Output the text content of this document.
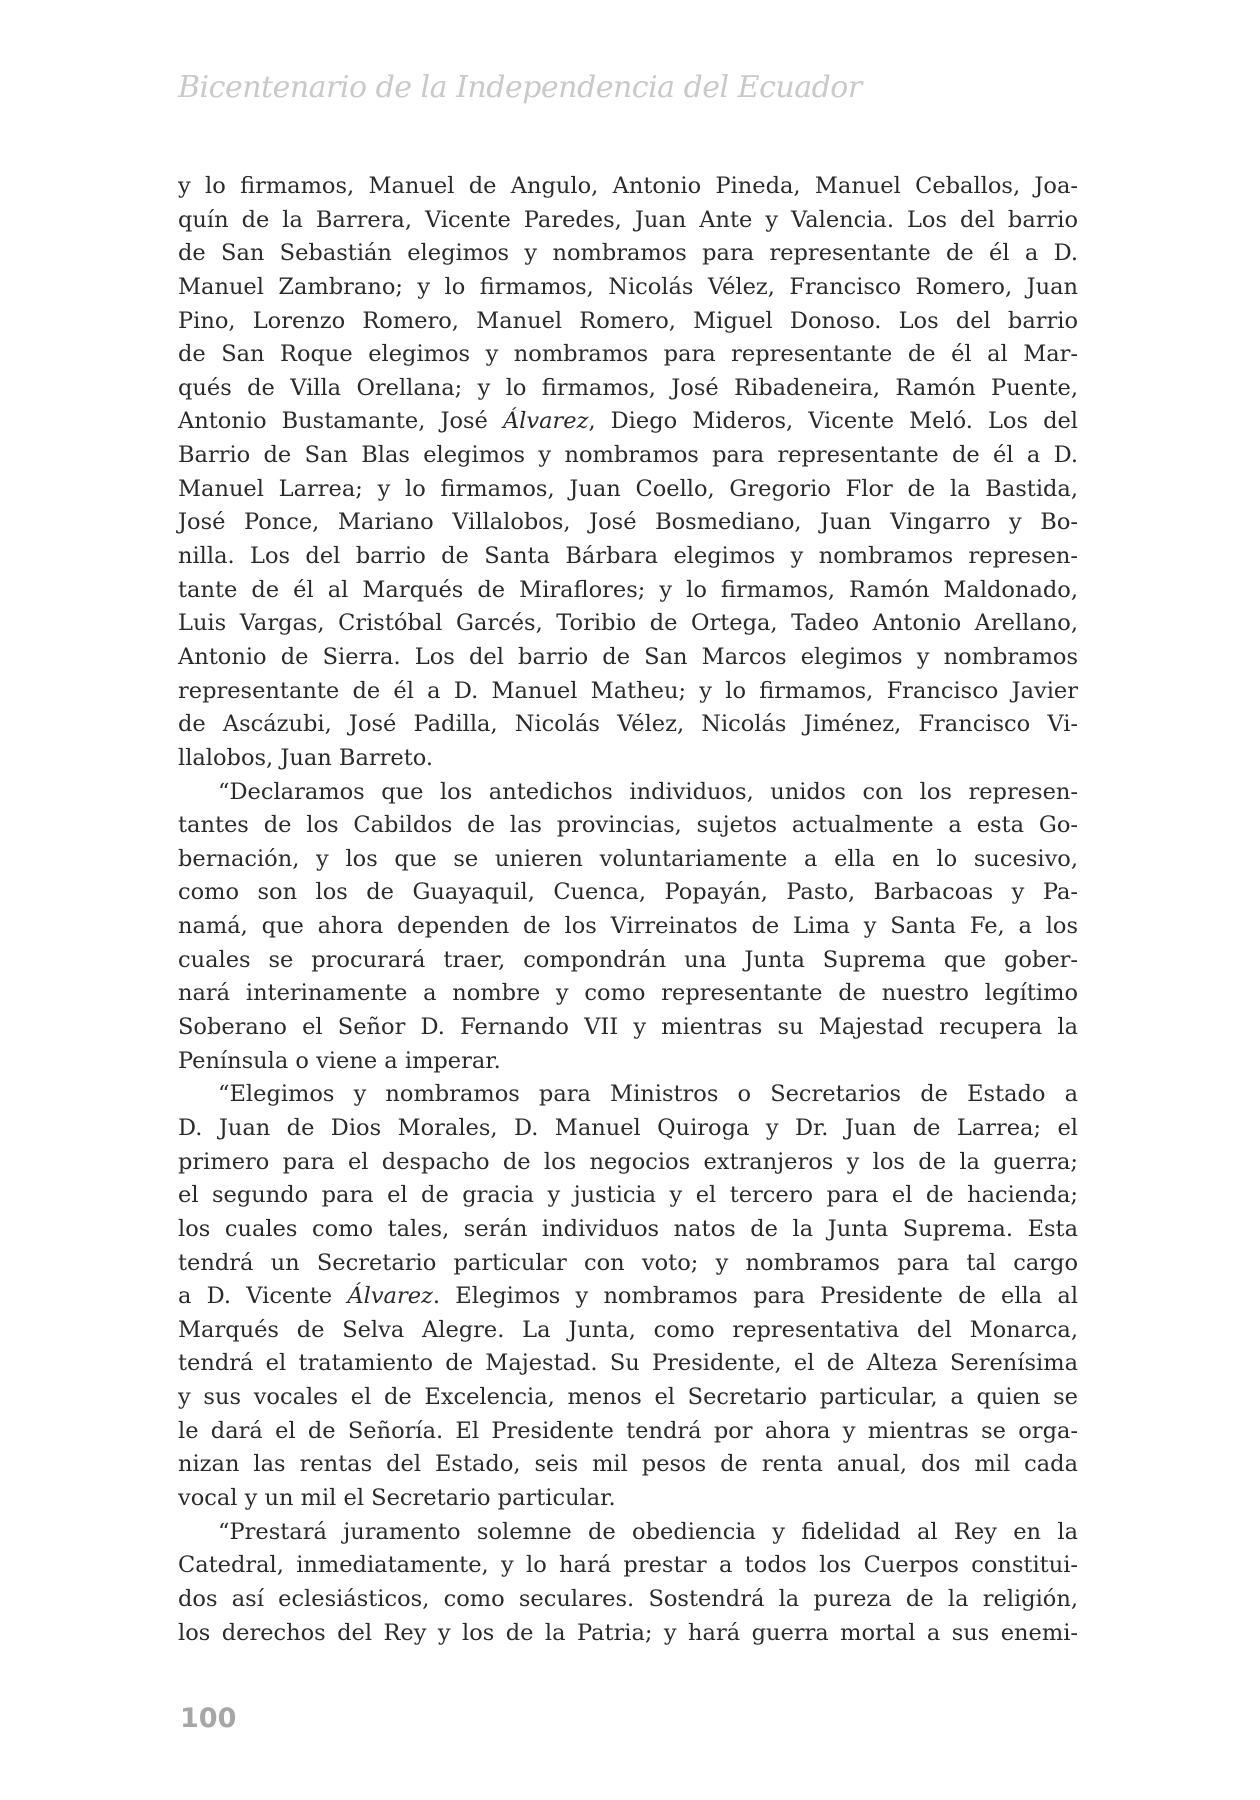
Bicentenario de la Independencia del Ecuador
y lo firmamos, Manuel de Angulo, Antonio Pineda, Manuel Ceballos, Joa-
quín de la Barrera, Vicente Paredes, Juan Ante y Valencia. Los del barrio
de San Sebastián elegimos y nombramos para representante de él a D.
Manuel Zambrano; y lo firmamos, Nicolás Vélez, Francisco Romero, Juan
Pino, Lorenzo Romero, Manuel Romero, Miguel Donoso. Los del barrio
de San Roque elegimos y nombramos para representante de él al Mar-
qués de Villa Orellana; y lo firmamos, José Ribadeneira, Ramón Puente,
Antonio Bustamante, José Álvarez, Diego Mideros, Vicente Meló. Los del
Barrio de San Blas elegimos y nombramos para representante de él a D.
Manuel Larrea; y lo firmamos, Juan Coello, Gregorio Flor de la Bastida,
José Ponce, Mariano Villalobos, José Bosmediano, Juan Vingarro y Bo-
nilla. Los del barrio de Santa Bárbara elegimos y nombramos represen-
tante de él al Marqués de Miraflores; y lo firmamos, Ramón Maldonado,
Luis Vargas, Cristóbal Garcés, Toribio de Ortega, Tadeo Antonio Arellano,
Antonio de Sierra. Los del barrio de San Marcos elegimos y nombramos
representante de él a D. Manuel Matheu; y lo firmamos, Francisco Javier
de Ascázubi, José Padilla, Nicolás Vélez, Nicolás Jiménez, Francisco Vi-
llalobos, Juan Barreto.
“Declaramos que los antedichos individuos, unidos con los represen-
tantes de los Cabildos de las provincias, sujetos actualmente a esta Go-
bernación, y los que se unieren voluntariamente a ella en lo sucesivo,
como son los de Guayaquil, Cuenca, Popayán, Pasto, Barbacoas y Pa-
namá, que ahora dependen de los Virreinatos de Lima y Santa Fe, a los
cuales se procurará traer, compondrán una Junta Suprema que gober-
nará interinamente a nombre y como representante de nuestro legítimo
Soberano el Señor D. Fernando VII y mientras su Majestad recupera la
Península o viene a imperar.
“Elegimos y nombramos para Ministros o Secretarios de Estado a
D. Juan de Dios Morales, D. Manuel Quiroga y Dr. Juan de Larrea; el
primero para el despacho de los negocios extranjeros y los de la guerra;
el segundo para el de gracia y justicia y el tercero para el de hacienda;
los cuales como tales, serán individuos natos de la Junta Suprema. Esta
tendrá un Secretario particular con voto; y nombramos para tal cargo
a D. Vicente Álvarez. Elegimos y nombramos para Presidente de ella al
Marqués de Selva Alegre. La Junta, como representativa del Monarca,
tendrá el tratamiento de Majestad. Su Presidente, el de Alteza Serenísima
y sus vocales el de Excelencia, menos el Secretario particular, a quien se
le dará el de Señoría. El Presidente tendrá por ahora y mientras se orga-
nizan las rentas del Estado, seis mil pesos de renta anual, dos mil cada
vocal y un mil el Secretario particular.
“Prestará juramento solemne de obediencia y fidelidad al Rey en la
Catedral, inmediatamente, y lo hará prestar a todos los Cuerpos constitui-
dos así eclesiásticos, como seculares. Sostendrá la pureza de la religión,
los derechos del Rey y los de la Patria; y hará guerra mortal a sus enemi-
100
